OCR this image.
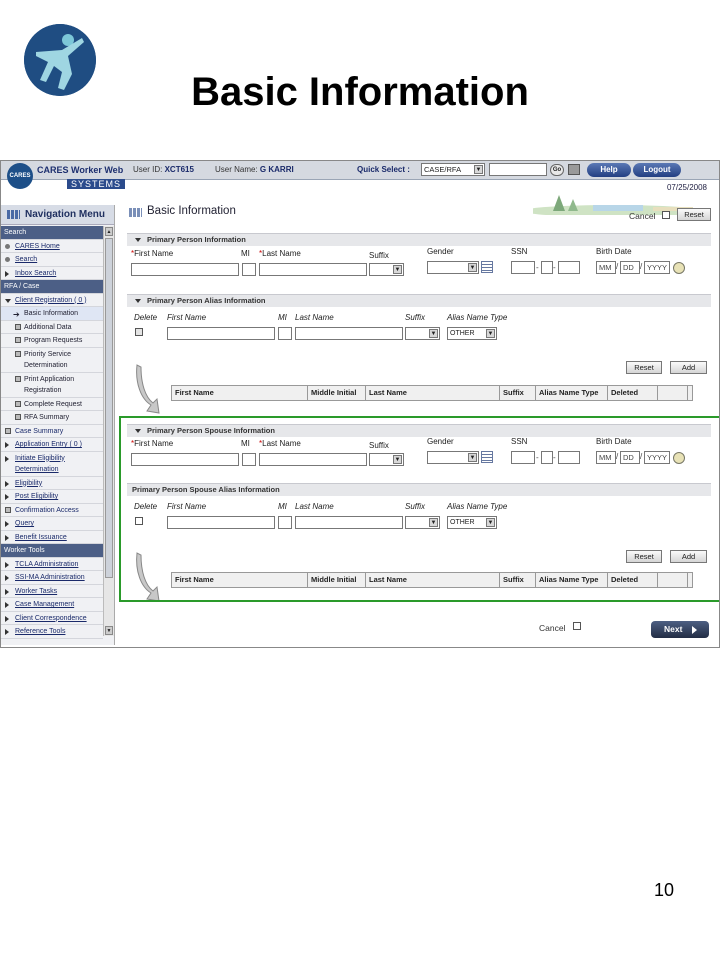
Basic Information
User ID: XCT615	User Name: G KARRI	Quick Select :	CASE/RFA ▼	Go	Help	Logout
CARES
CARES Worker Web
SYSTEMS	07/25/2008
Navigation Menu
Search
CARES Home
Search
Inbox Search
RFA / Case
Client Registration ( 0 )
➔ Basic Information
Additional Data
Program Requests
Priority Service Determination
Print Application Registration
Complete Request
RFA Summary
Case Summary
Application Entry ( 0 )
Initiate Eligibility Determination
Eligibility
Post Eligibility
Confirmation Access
Query
Benefit Issuance
Worker Tools
TCLA Administration
SSI-MA Administration
Worker Tasks
Case Management
Client Correspondence
Reference Tools
▲
▼
Basic Information	Cancel	Reset
Primary Person Information
*First Name	MI *Last Name	Suffix	Gender	SSN	Birth Date
▼	▼	- -	MM / DD / YYYY
Primary Person Alias Information
Delete First Name	MI Last Name	Suffix	Alias Name Type
▼	OTHER ▼
Reset	Add
First Name	Middle Initial	Last Name	Suffix	Alias Name Type	Deleted
Primary Person Spouse Information
*First Name	MI *Last Name	Suffix	Gender	SSN	Birth Date
▼	▼	- -	MM / DD / YYYY
Primary Person Spouse Alias Information
Delete First Name	MI Last Name	Suffix	Alias Name Type
▼	OTHER ▼
Reset	Add
First Name	Middle Initial	Last Name	Suffix	Alias Name Type	Deleted
Cancel	Next
10
